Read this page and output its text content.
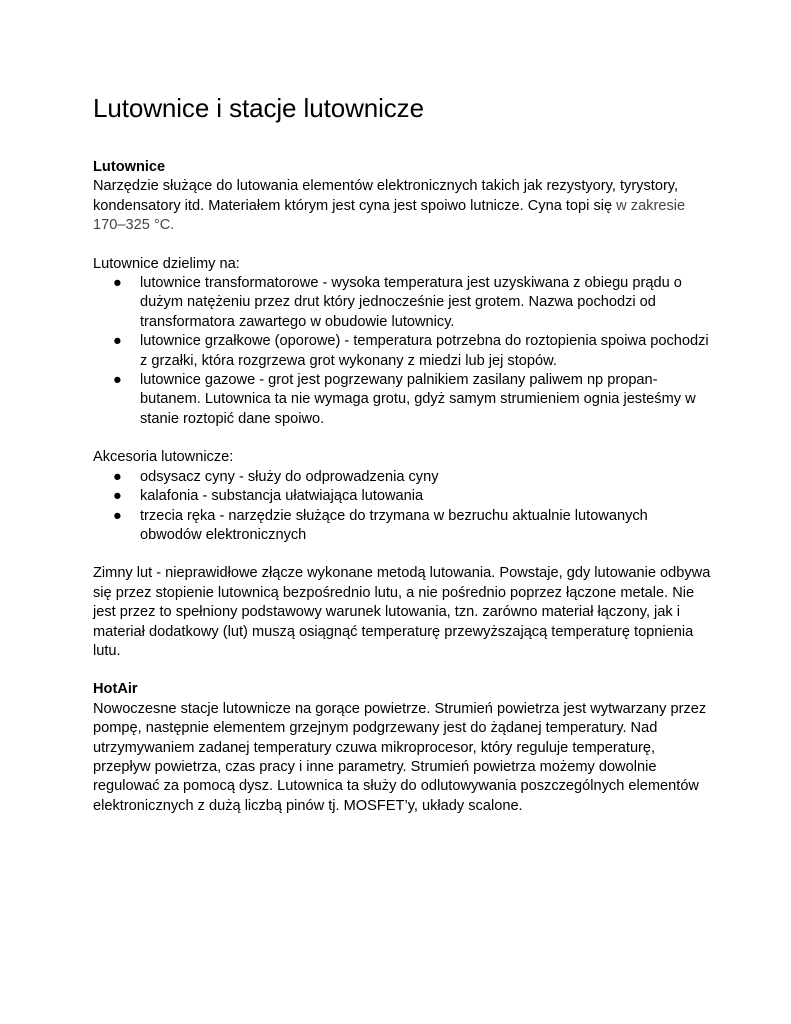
Lutownice i stacje lutownicze

Lutownice

Narzędzie służące do lutowania elementów elektronicznych takich jak rezystyory, tyrystory, kondensatory itd. Materiałem którym jest cyna jest spoiwo lutnicze. Cyna topi się w zakresie 170–325 °C.

Lutownice dzielimy na:

● lutownice transformatorowe - wysoka temperatura jest uzyskiwana z obiegu prądu o dużym natężeniu przez drut który jednocześnie jest grotem. Nazwa pochodzi od transformatora zawartego w obudowie lutownicy.
● lutownice grzałkowe (oporowe) - temperatura potrzebna do roztopienia spoiwa pochodzi z grzałki, która rozgrzewa grot wykonany z miedzi lub jej stopów.
● lutownice gazowe - grot jest pogrzewany palnikiem zasilany paliwem np propan-butanem. Lutownica ta nie wymaga grotu, gdyż samym strumieniem ognia jesteśmy w stanie roztopić dane spoiwo.

Akcesoria lutownicze:

● odsysacz cyny - służy do odprowadzenia cyny
● kalafonia - substancja ułatwiająca lutowania
● trzecia ręka - narzędzie służące do trzymana w bezruchu aktualnie lutowanych obwodów elektronicznych

Zimny lut - nieprawidłowe złącze wykonane metodą lutowania. Powstaje, gdy lutowanie odbywa się przez stopienie lutownicą bezpośrednio lutu, a nie pośrednio poprzez łączone metale. Nie jest przez to spełniony podstawowy warunek lutowania, tzn. zarówno materiał łączony, jak i materiał dodatkowy (lut) muszą osiągnąć temperaturę przewyższającą temperaturę topnienia lutu.

HotAir

Nowoczesne stacje lutownicze na gorące powietrze. Strumień powietrza jest wytwarzany przez pompę, następnie elementem grzejnym podgrzewany jest do żądanej temperatury. Nad utrzymywaniem zadanej temperatury czuwa mikroprocesor, który reguluje temperaturę, przepływ powietrza, czas pracy i inne parametry. Strumień powietrza możemy dowolnie regulować za pomocą dysz. Lutownica ta służy do odlutowywania poszczególnych elementów elektronicznych z dużą liczbą pinów tj. MOSFET’y, układy scalone.
